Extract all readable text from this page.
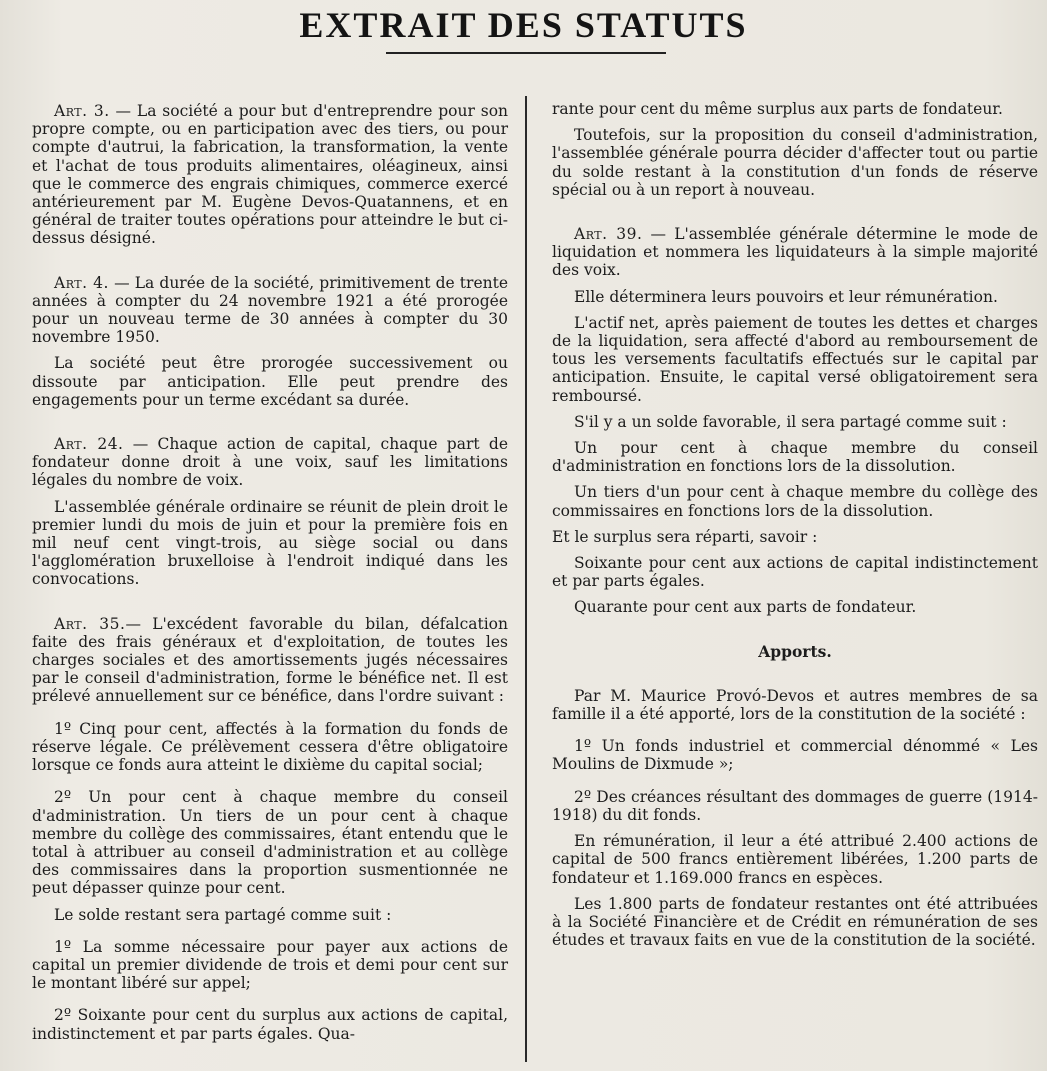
EXTRAIT DES STATUTS

Art. 3. — La société a pour but d'entreprendre pour son propre compte, ou en participation avec des tiers, ou pour compte d'autrui, la fabrication, la transformation, la vente et l'achat de tous produits alimentaires, oléagineux, ainsi que le commerce des engrais chimiques, commerce exercé antérieurement par M. Eugène Devos-Quatannens, et en général de traiter toutes opérations pour atteindre le but ci-dessus désigné.

Art. 4. — La durée de la société, primitivement de trente années à compter du 24 novembre 1921 a été prorogée pour un nouveau terme de 30 années à compter du 30 novembre 1950.

La société peut être prorogée successivement ou dissoute par anticipation. Elle peut prendre des engagements pour un terme excédant sa durée.

Art. 24. — Chaque action de capital, chaque part de fondateur donne droit à une voix, sauf les limitations légales du nombre de voix.

L'assemblée générale ordinaire se réunit de plein droit le premier lundi du mois de juin et pour la première fois en mil neuf cent vingt-trois, au siège social ou dans l'agglomération bruxelloise à l'endroit indiqué dans les convocations.

Art. 35.— L'excédent favorable du bilan, défalcation faite des frais généraux et d'exploitation, de toutes les charges sociales et des amortissements jugés nécessaires par le conseil d'administration, forme le bénéfice net. Il est prélevé annuellement sur ce bénéfice, dans l'ordre suivant :

1º Cinq pour cent, affectés à la formation du fonds de réserve légale. Ce prélèvement cessera d'être obligatoire lorsque ce fonds aura atteint le dixième du capital social;

2º Un pour cent à chaque membre du conseil d'administration. Un tiers de un pour cent à chaque membre du collège des commissaires, étant entendu que le total à attribuer au conseil d'administration et au collège des commissaires dans la proportion susmentionnée ne peut dépasser quinze pour cent.

Le solde restant sera partagé comme suit :

1º La somme nécessaire pour payer aux actions de capital un premier dividende de trois et demi pour cent sur le montant libéré sur appel;

2º Soixante pour cent du surplus aux actions de capital, indistinctement et par parts égales. Qua-

rante pour cent du même surplus aux parts de fondateur.

Toutefois, sur la proposition du conseil d'administration, l'assemblée générale pourra décider d'affecter tout ou partie du solde restant à la constitution d'un fonds de réserve spécial ou à un report à nouveau.

Art. 39. — L'assemblée générale détermine le mode de liquidation et nommera les liquidateurs à la simple majorité des voix.

Elle déterminera leurs pouvoirs et leur rémunération.

L'actif net, après paiement de toutes les dettes et charges de la liquidation, sera affecté d'abord au remboursement de tous les versements facultatifs effectués sur le capital par anticipation. Ensuite, le capital versé obligatoirement sera remboursé.

S'il y a un solde favorable, il sera partagé comme suit :

Un pour cent à chaque membre du conseil d'administration en fonctions lors de la dissolution.

Un tiers d'un pour cent à chaque membre du collège des commissaires en fonctions lors de la dissolution.

Et le surplus sera réparti, savoir :

Soixante pour cent aux actions de capital indistinctement et par parts égales.

Quarante pour cent aux parts de fondateur.

Apports.

Par M. Maurice Provó-Devos et autres membres de sa famille il a été apporté, lors de la constitution de la société :

1º Un fonds industriel et commercial dénommé « Les Moulins de Dixmude »;

2º Des créances résultant des dommages de guerre (1914-1918) du dit fonds.

En rémunération, il leur a été attribué 2.400 actions de capital de 500 francs entièrement libérées, 1.200 parts de fondateur et 1.169.000 francs en espèces.

Les 1.800 parts de fondateur restantes ont été attribuées à la Société Financière et de Crédit en rémunération de ses études et travaux faits en vue de la constitution de la société.
